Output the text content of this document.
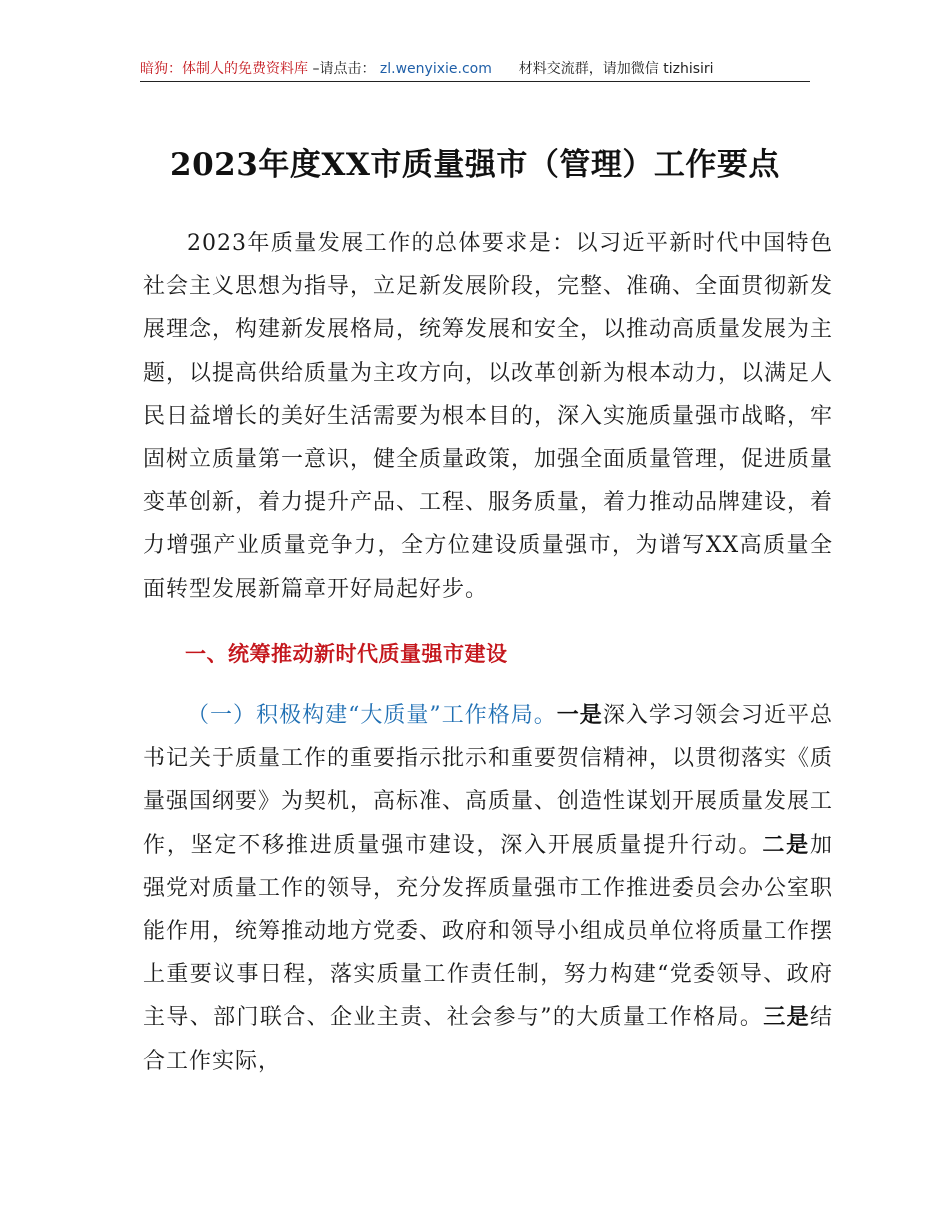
暗狗：体制人的免费资料库 –请点击： zl.wenyixie.com 材料交流群，请加微信 tizhisiri
2023年度XX市质量强市（管理）工作要点

2023年质量发展工作的总体要求是：以习近平新时代中国特色社会主义思想为指导，立足新发展阶段，完整、准确、全面贯彻新发展理念，构建新发展格局，统筹发展和安全，以推动高质量发展为主题，以提高供给质量为主攻方向，以改革创新为根本动力，以满足人民日益增长的美好生活需要为根本目的，深入实施质量强市战略，牢固树立质量第一意识，健全质量政策，加强全面质量管理，促进质量变革创新，着力提升产品、工程、服务质量，着力推动品牌建设，着力增强产业质量竞争力，全方位建设质量强市，为谱写XX高质量全面转型发展新篇章开好局起好步。

一、统筹推动新时代质量强市建设

（一）积极构建“大质量”工作格局。一是深入学习领会习近平总书记关于质量工作的重要指示批示和重要贺信精神，以贯彻落实《质量强国纲要》为契机，高标准、高质量、创造性谋划开展质量发展工作，坚定不移推进质量强市建设，深入开展质量提升行动。二是加强党对质量工作的领导，充分发挥质量强市工作推进委员会办公室职能作用，统筹推动地方党委、政府和领导小组成员单位将质量工作摆上重要议事日程，落实质量工作责任制，努力构建“党委领导、政府主导、部门联合、企业主责、社会参与”的大质量工作格局。三是结合工作实际，
